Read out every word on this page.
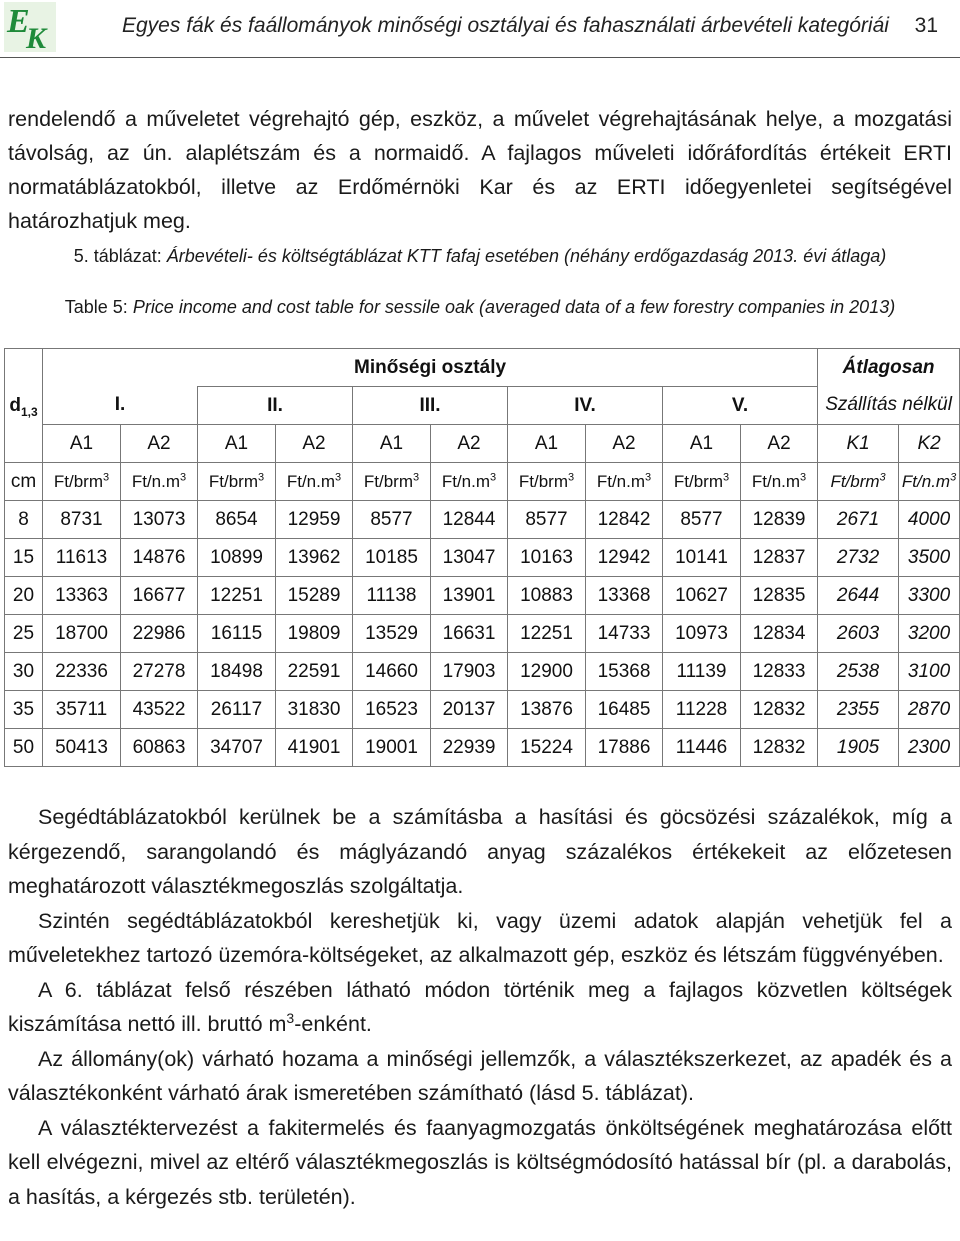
E
K	Egyes fák és faállományok minőségi osztályai és fahasználati árbevételi kategóriái 31
rendelendő a műveletet végrehajtó gép, eszköz, a művelet végrehajtásának helye, a mozgatási távolság, az ún. alaplétszám és a normaidő. A fajlagos műveleti időráfordítás értékeit ERTI normatáblázatokból, illetve az Erdőmérnöki Kar és az ERTI időegyenletei segítségével határozhatjuk meg.
5. táblázat: Árbevételi- és költségtáblázat KTT fafaj esetében (néhány erdőgazdaság 2013. évi átlaga)
Table 5: Price income and cost table for sessile oak (averaged data of a few forestry companies in 2013)
$d_{1,3}$	Minőségi osztály										Átlagosan	
	I.		II.		III.		IV.		V.		Szállítás nélkül	
	A1	A2	A1	A2	A1	A2	A1	A2	A1	A2	K1	K2
cm	Ft/brm$^3$	$Ft/n.m^3$	Ft/brm$^3$	$Ft/n.m^3$	Ft/brm$^3$	$Ft/n.m^3$	Ft/brm$^3$	$Ft/n.m^3$	Ft/brm$^3$	$Ft/n.m^3$	Ft/brm$^3$	$Ft/n.m^3$
8	8731	13073	8654	12959	8577	12844	8577	12842	8577	12839	2671	4000
15	11613	14876	10899	13962	10185	13047	10163	12942	10141	12837	2732	3500
20	13363	16677	12251	15289	11138	13901	10883	13368	10627	12835	2644	3300
25	18700	22986	16115	19809	13529	16631	12251	14733	10973	12834	2603	3200
30	22336	27278	18498	22591	14660	17903	12900	15368	11139	12833	2538	3100
35	35711	43522	26117	31830	16523	20137	13876	16485	11228	12832	2355	2870
50	50413	60863	34707	41901	19001	22939	15224	17886	11446	12832	1905	2300

Segédtáblázatokból kerülnek be a számításba a hasítási és göcsözési százalékok, míg a kérgezendő, sarangolandó és máglyázandó anyag százalékos értékekeit az előzetesen meghatározott választékmegoszlás szolgáltatja.

Szintén segédtáblázatokból kereshetjük ki, vagy üzemi adatok alapján vehetjük fel a műveletekhez tartozó üzemóra-költségeket, az alkalmazott gép, eszköz és létszám függvényében.

A 6. táblázat felső részében látható módon történik meg a fajlagos közvetlen költségek kiszámítása nettó ill. bruttó $m^3$-enként.

Az állomány(ok) várható hozama a minőségi jellemzők, a választékszerkezet, az apadék és a választékonként várható árak ismeretében számítható (lásd 5. táblázat).

A választéktervezést a fakitermelés és faanyagmozgatás önköltségének meghatározása előtt kell elvégezni, mivel az eltérő választékmegoszlás is költségmódosító hatással bír (pl. a darabolás, a hasítás, a kérgezés stb. területén).
